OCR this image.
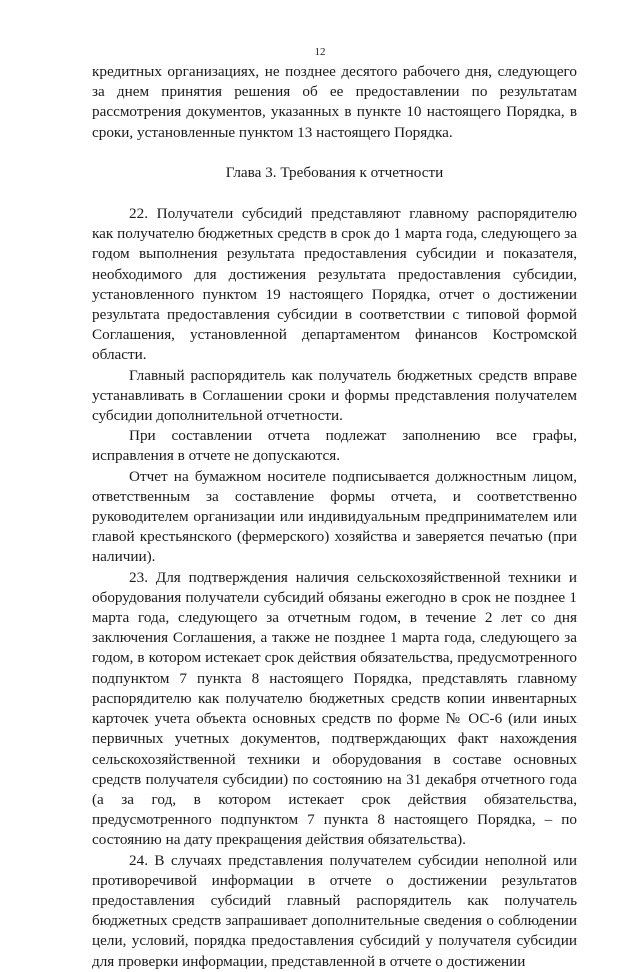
12

кредитных организациях, не позднее десятого рабочего дня, следующего за днем принятия решения об ее предоставлении по результатам рассмотрения документов, указанных в пункте 10 настоящего Порядка, в сроки, установленные пунктом 13 настоящего Порядка.

Глава 3. Требования к отчетности

22. Получатели субсидий представляют главному распорядителю как получателю бюджетных средств в срок до 1 марта года, следующего за годом выполнения результата предоставления субсидии и показателя, необходимого для достижения результата предоставления субсидии, установленного пунктом 19 настоящего Порядка, отчет о достижении результата предоставления субсидии в соответствии с типовой формой Соглашения, установленной департаментом финансов Костромской области.

Главный распорядитель как получатель бюджетных средств вправе устанавливать в Соглашении сроки и формы представления получателем субсидии дополнительной отчетности.

При составлении отчета подлежат заполнению все графы, исправления в отчете не допускаются.

Отчет на бумажном носителе подписывается должностным лицом, ответственным за составление формы отчета, и соответственно руководителем организации или индивидуальным предпринимателем или главой крестьянского (фермерского) хозяйства и заверяется печатью (при наличии).

23. Для подтверждения наличия сельскохозяйственной техники и оборудования получатели субсидий обязаны ежегодно в срок не позднее 1 марта года, следующего за отчетным годом, в течение 2 лет со дня заключения Соглашения, а также не позднее 1 марта года, следующего за годом, в котором истекает срок действия обязательства, предусмотренного подпунктом 7 пункта 8 настоящего Порядка, представлять главному распорядителю как получателю бюджетных средств копии инвентарных карточек учета объекта основных средств по форме № ОС-6 (или иных первичных учетных документов, подтверждающих факт нахождения сельскохозяйственной техники и оборудования в составе основных средств получателя субсидии) по состоянию на 31 декабря отчетного года (а за год, в котором истекает срок действия обязательства, предусмотренного подпунктом 7 пункта 8 настоящего Порядка, – по состоянию на дату прекращения действия обязательства).

24. В случаях представления получателем субсидии неполной или противоречивой информации в отчете о достижении результатов предоставления субсидий главный распорядитель как получатель бюджетных средств запрашивает дополнительные сведения о соблюдении цели, условий, порядка предоставления субсидий у получателя субсидии для проверки информации, представленной в отчете о достижении
